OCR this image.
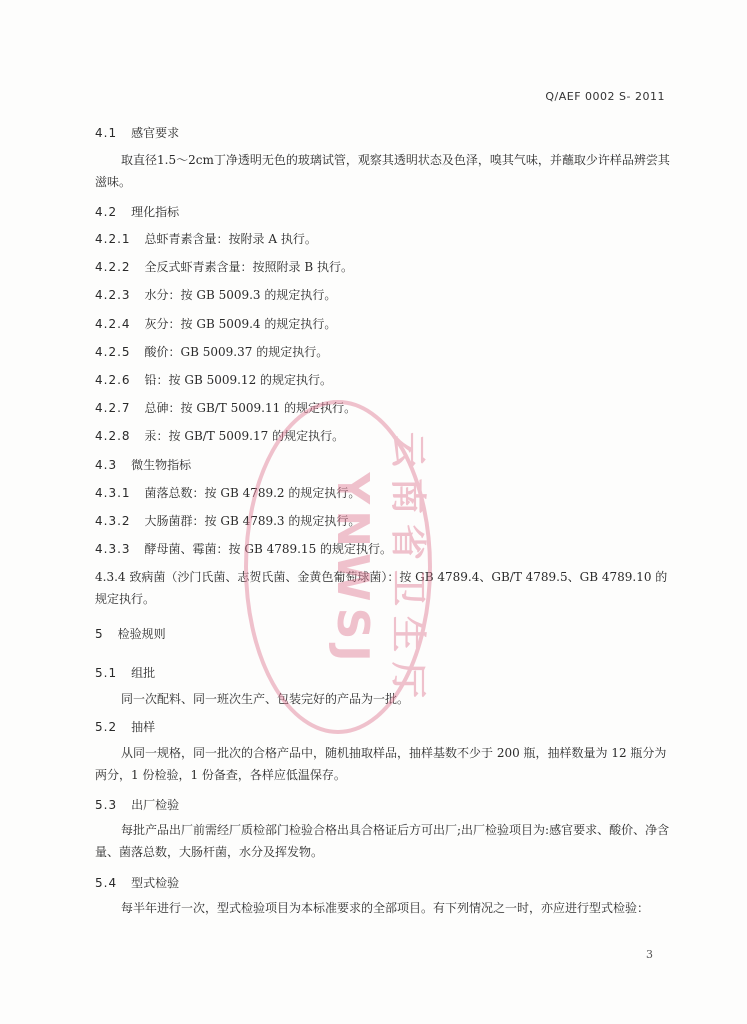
Q/AEF 0002 S- 2011
4.1 感官要求
4.2 理化指标
4.2.1 总虾青素含量：按附录 A 执行。
4.2.2 全反式虾青素含量：按照附录 B 执行。
4.2.3 水分：按 GB 5009.3 的规定执行。
4.2.4 灰分：按 GB 5009.4 的规定执行。
4.2.5 酸价：GB 5009.37 的规定执行。
4.2.6 铅：按 GB 5009.12 的规定执行。
4.2.7 总砷：按 GB/T 5009.11 的规定执行。
4.2.8 汞：按 GB/T 5009.17 的规定执行。
4.3 微生物指标
4.3.1 菌落总数：按 GB 4789.2 的规定执行。
4.3.2 大肠菌群：按 GB 4789.3 的规定执行。
4.3.3 酵母菌、霉菌：按 GB 4789.15 的规定执行。
5 检验规则
5.1 组批
5.2 抽样
5.3 出厂检验
5.4 型式检验
取直径1.5～2cm丁净透明无色的玻璃试管，观察其透明状态及色泽，嗅其气味，并蘸取少许样品辨尝其滋味。
4.3.4 致病菌（沙门氏菌、志贺氏菌、金黄色葡萄球菌）：按 GB 4789.4、GB/T 4789.5、GB 4789.10 的规定执行。
同一次配料、同一班次生产、包装完好的产品为一批。
从同一规格，同一批次的合格产品中，随机抽取样品，抽样基数不少于 200 瓶，抽样数量为 12 瓶分为两分，1 份检验，1 份备查，各样应低温保存。
每批产品出厂前需经厂质检部门检验合格出具合格证后方可出厂;出厂检验项目为:感官要求、酸价、净含量、菌落总数，大肠杆菌，水分及挥发物。
每半年进行一次，型式检验项目为本标准要求的全部项目。有下列情况之一时，亦应进行型式检验：
YNWSJ 云南省卫生厅
3
